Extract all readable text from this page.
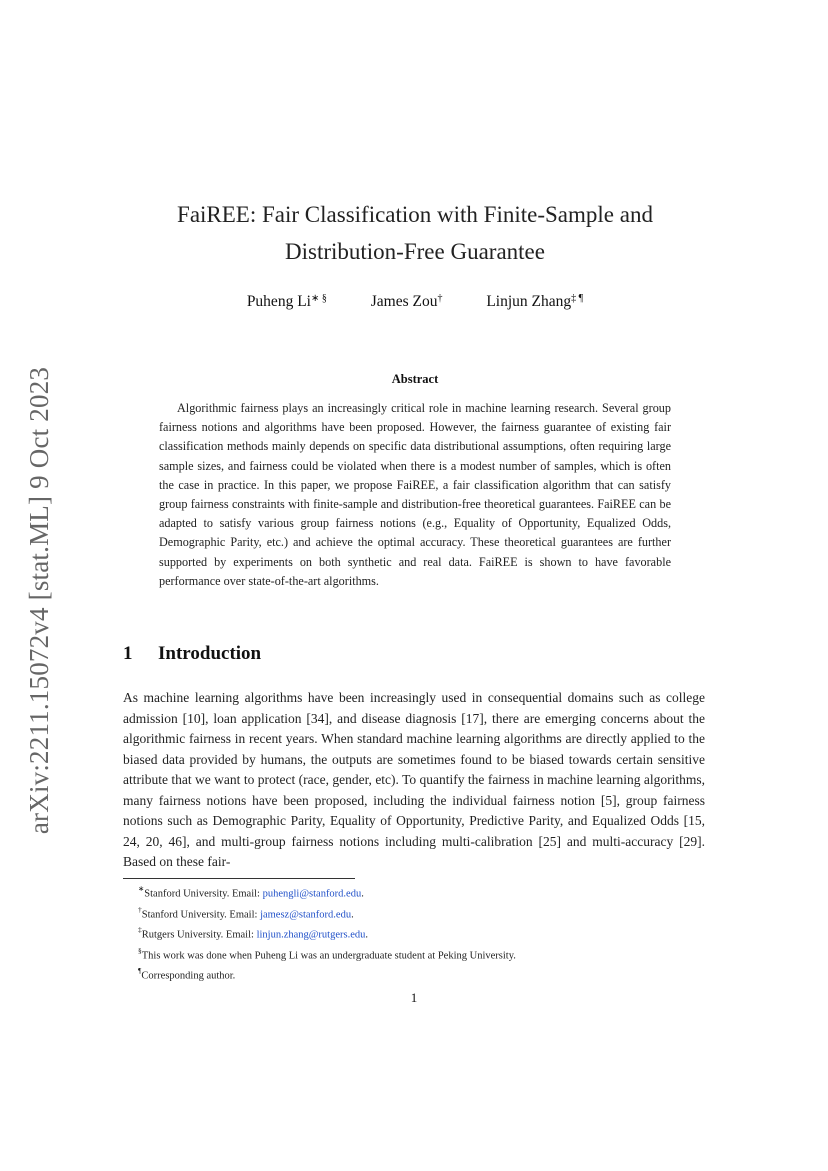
arXiv:2211.15072v4 [stat.ML] 9 Oct 2023
FaiREE: Fair Classification with Finite-Sample and
Distribution-Free Guarantee
Puheng Li∗ §	James Zou†	Linjun Zhang‡ ¶
Abstract

Algorithmic fairness plays an increasingly critical role in machine learning research. Several group fairness notions and algorithms have been proposed. However, the fairness guarantee of existing fair classification methods mainly depends on specific data distributional assumptions, often requiring large sample sizes, and fairness could be violated when there is a modest number of samples, which is often the case in practice. In this paper, we propose FaiREE, a fair classification algorithm that can satisfy group fairness constraints with finite-sample and distribution-free theoretical guarantees. FaiREE can be adapted to satisfy various group fairness notions (e.g., Equality of Opportunity, Equalized Odds, Demographic Parity, etc.) and achieve the optimal accuracy. These theoretical guarantees are further supported by experiments on both synthetic and real data. FaiREE is shown to have favorable performance over state-of-the-art algorithms.

1 Introduction

As machine learning algorithms have been increasingly used in consequential domains such as college admission [10], loan application [34], and disease diagnosis [17], there are emerging concerns about the algorithmic fairness in recent years. When standard machine learning algorithms are directly applied to the biased data provided by humans, the outputs are sometimes found to be biased towards certain sensitive attribute that we want to protect (race, gender, etc). To quantify the fairness in machine learning algorithms, many fairness notions have been proposed, including the individual fairness notion [5], group fairness notions such as Demographic Parity, Equality of Opportunity, Predictive Parity, and Equalized Odds [15, 24, 20, 46], and multi-group fairness notions including multi-calibration [25] and multi-accuracy [29]. Based on these fair-

∗Stanford University. Email: puhengli@stanford.edu.
†Stanford University. Email: jamesz@stanford.edu.
‡Rutgers University. Email: linjun.zhang@rutgers.edu.
§This work was done when Puheng Li was an undergraduate student at Peking University.
¶Corresponding author.
1
